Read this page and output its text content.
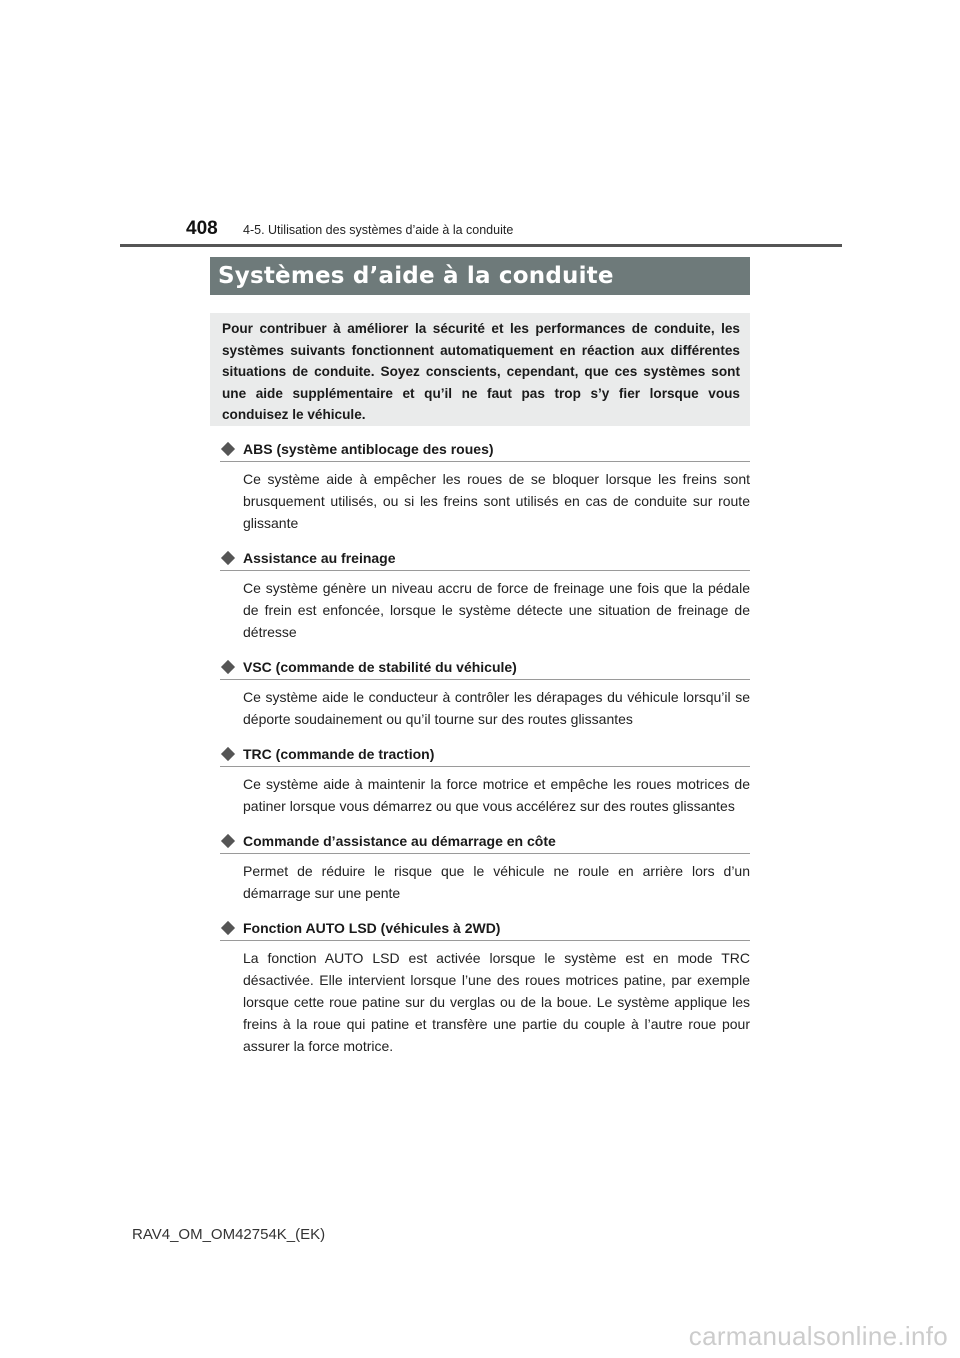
408 4-5. Utilisation des systèmes d’aide à la conduite
Systèmes d’aide à la conduite
Pour contribuer à améliorer la sécurité et les performances de conduite, les systèmes suivants fonctionnent automatiquement en réaction aux différentes situations de conduite. Soyez conscients, cependant, que ces systèmes sont une aide supplémentaire et qu’il ne faut pas trop s’y fier lorsque vous conduisez le véhicule.
ABS (système antiblocage des roues)
Ce système aide à empêcher les roues de se bloquer lorsque les freins sont brusquement utilisés, ou si les freins sont utilisés en cas de conduite sur route glissante
Assistance au freinage
Ce système génère un niveau accru de force de freinage une fois que la pédale de frein est enfoncée, lorsque le système détecte une situation de freinage de détresse
VSC (commande de stabilité du véhicule)
Ce système aide le conducteur à contrôler les dérapages du véhicule lorsqu’il se déporte soudainement ou qu’il tourne sur des routes glissantes
TRC (commande de traction)
Ce système aide à maintenir la force motrice et empêche les roues motrices de patiner lorsque vous démarrez ou que vous accélérez sur des routes glissantes
Commande d’assistance au démarrage en côte
Permet de réduire le risque que le véhicule ne roule en arrière lors d’un démarrage sur une pente
Fonction AUTO LSD (véhicules à 2WD)
La fonction AUTO LSD est activée lorsque le système est en mode TRC désactivée. Elle intervient lorsque l’une des roues motrices patine, par exemple lorsque cette roue patine sur du verglas ou de la boue. Le système applique les freins à la roue qui patine et transfère une partie du couple à l’autre roue pour assurer la force motrice.
RAV4_OM_OM42754K_(EK)
carmanualsonline.info
